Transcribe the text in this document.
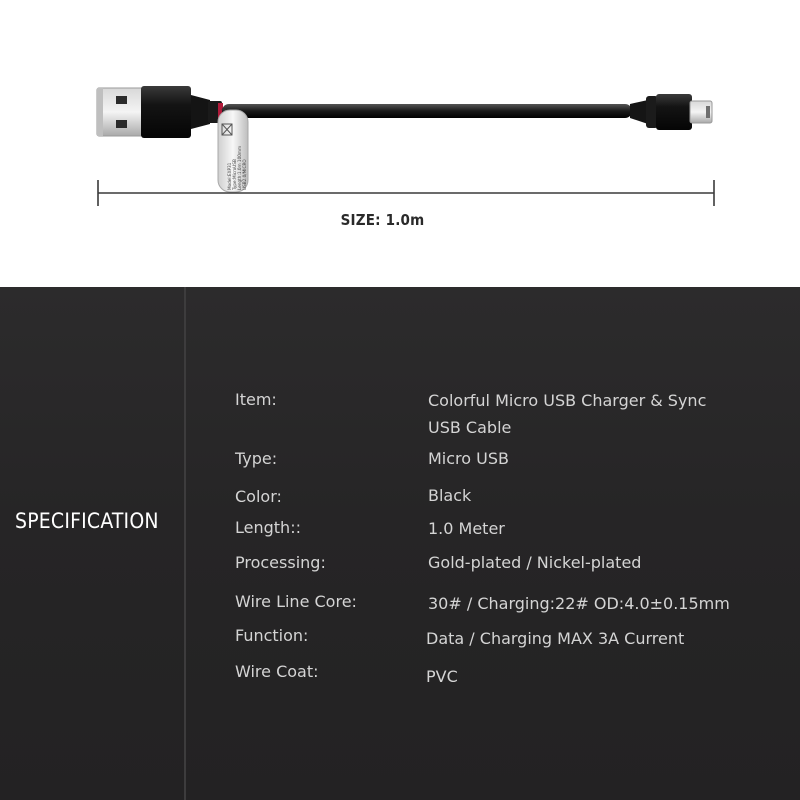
Model:EXP31 Type:MicroUSB Length:1.0m 100mm USB2.0/MICRO
SIZE: 1.0m
SPECIFICATION
Item:	Colorful Micro USB Charger & Sync
USB Cable
Type:	Micro USB
Color:	Black
Length::	1.0 Meter
Processing:	Gold-plated / Nickel-plated
Wire Line Core:	30# / Charging:22# OD:4.0±0.15mm
Function:	Data / Charging MAX 3A Current
Wire Coat:	PVC
